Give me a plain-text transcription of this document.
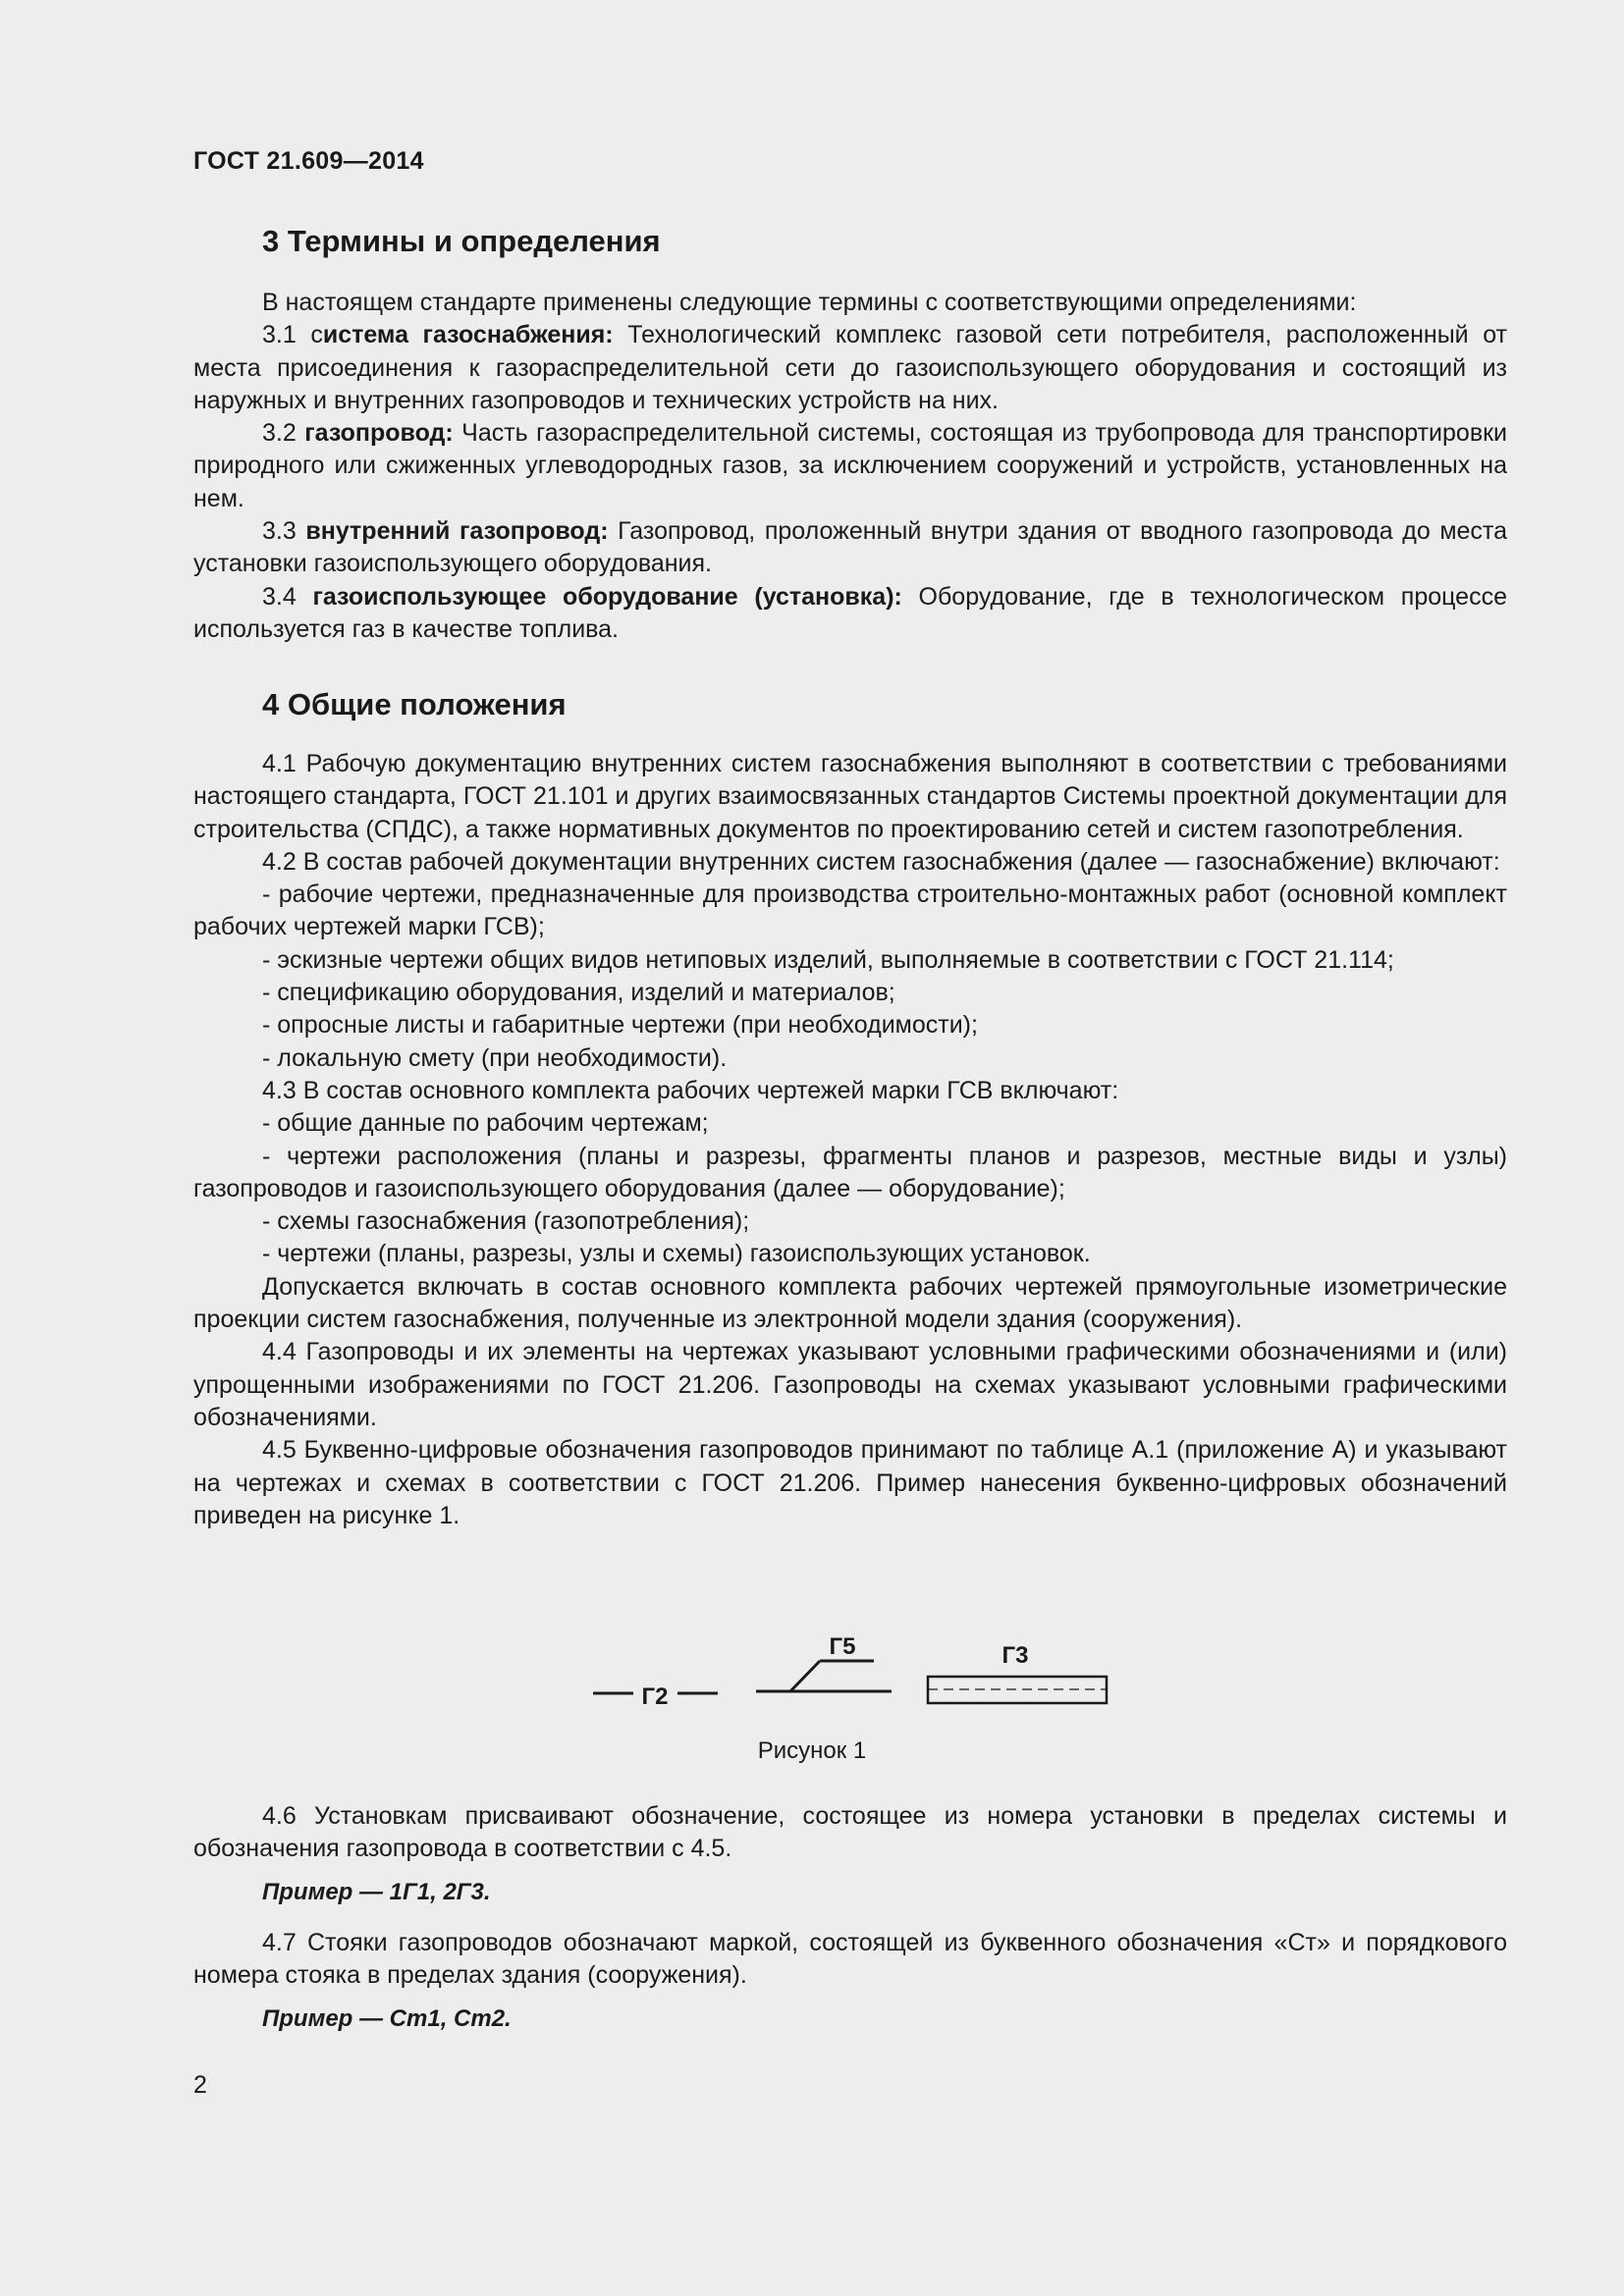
ГОСТ 21.609—2014
3 Термины и определения

В настоящем стандарте применены следующие термины с соответствующими определениями:

3.1 система газоснабжения: Технологический комплекс газовой сети потребителя, расположенный от места присоединения к газораспределительной сети до газоиспользующего оборудования и состоящий из наружных и внутренних газопроводов и технических устройств на них.

3.2 газопровод: Часть газораспределительной системы, состоящая из трубопровода для транспортировки природного или сжиженных углеводородных газов, за исключением сооружений и устройств, установленных на нем.

3.3 внутренний газопровод: Газопровод, проложенный внутри здания от вводного газопровода до места установки газоиспользующего оборудования.

3.4 газоиспользующее оборудование (установка): Оборудование, где в технологическом процессе используется газ в качестве топлива.

4 Общие положения

4.1 Рабочую документацию внутренних систем газоснабжения выполняют в соответствии с требованиями настоящего стандарта, ГОСТ 21.101 и других взаимосвязанных стандартов Системы проектной документации для строительства (СПДС), а также нормативных документов по проектированию сетей и систем газопотребления.

4.2 В состав рабочей документации внутренних систем газоснабжения (далее — газоснабжение) включают:

- рабочие чертежи, предназначенные для производства строительно-монтажных работ (основной комплект рабочих чертежей марки ГСВ);

- эскизные чертежи общих видов нетиповых изделий, выполняемые в соответствии с ГОСТ 21.114;

- спецификацию оборудования, изделий и материалов;

- опросные листы и габаритные чертежи (при необходимости);

- локальную смету (при необходимости).

4.3 В состав основного комплекта рабочих чертежей марки ГСВ включают:

- общие данные по рабочим чертежам;

- чертежи расположения (планы и разрезы, фрагменты планов и разрезов, местные виды и узлы) газопроводов и газоиспользующего оборудования (далее — оборудование);

- схемы газоснабжения (газопотребления);

- чертежи (планы, разрезы, узлы и схемы) газоиспользующих установок.

Допускается включать в состав основного комплекта рабочих чертежей прямоугольные изометрические проекции систем газоснабжения, полученные из электронной модели здания (сооружения).

4.4 Газопроводы и их элементы на чертежах указывают условными графическими обозначениями и (или) упрощенными изображениями по ГОСТ 21.206. Газопроводы на схемах указывают условными графическими обозначениями.

4.5 Буквенно-цифровые обозначения газопроводов принимают по таблице А.1 (приложение А) и указывают на чертежах и схемах в соответствии с ГОСТ 21.206. Пример нанесения буквенно-цифровых обозначений приведен на рисунке 1.

Г2
Г5	Г3
Рисунок 1

4.6 Установкам присваивают обозначение, состоящее из номера установки в пределах системы и обозначения газопровода в соответствии с 4.5.

Пример — 1Г1, 2Г3.

4.7 Стояки газопроводов обозначают маркой, состоящей из буквенного обозначения «Ст» и порядкового номера стояка в пределах здания (сооружения).

Пример — Ст1, Ст2.
2
